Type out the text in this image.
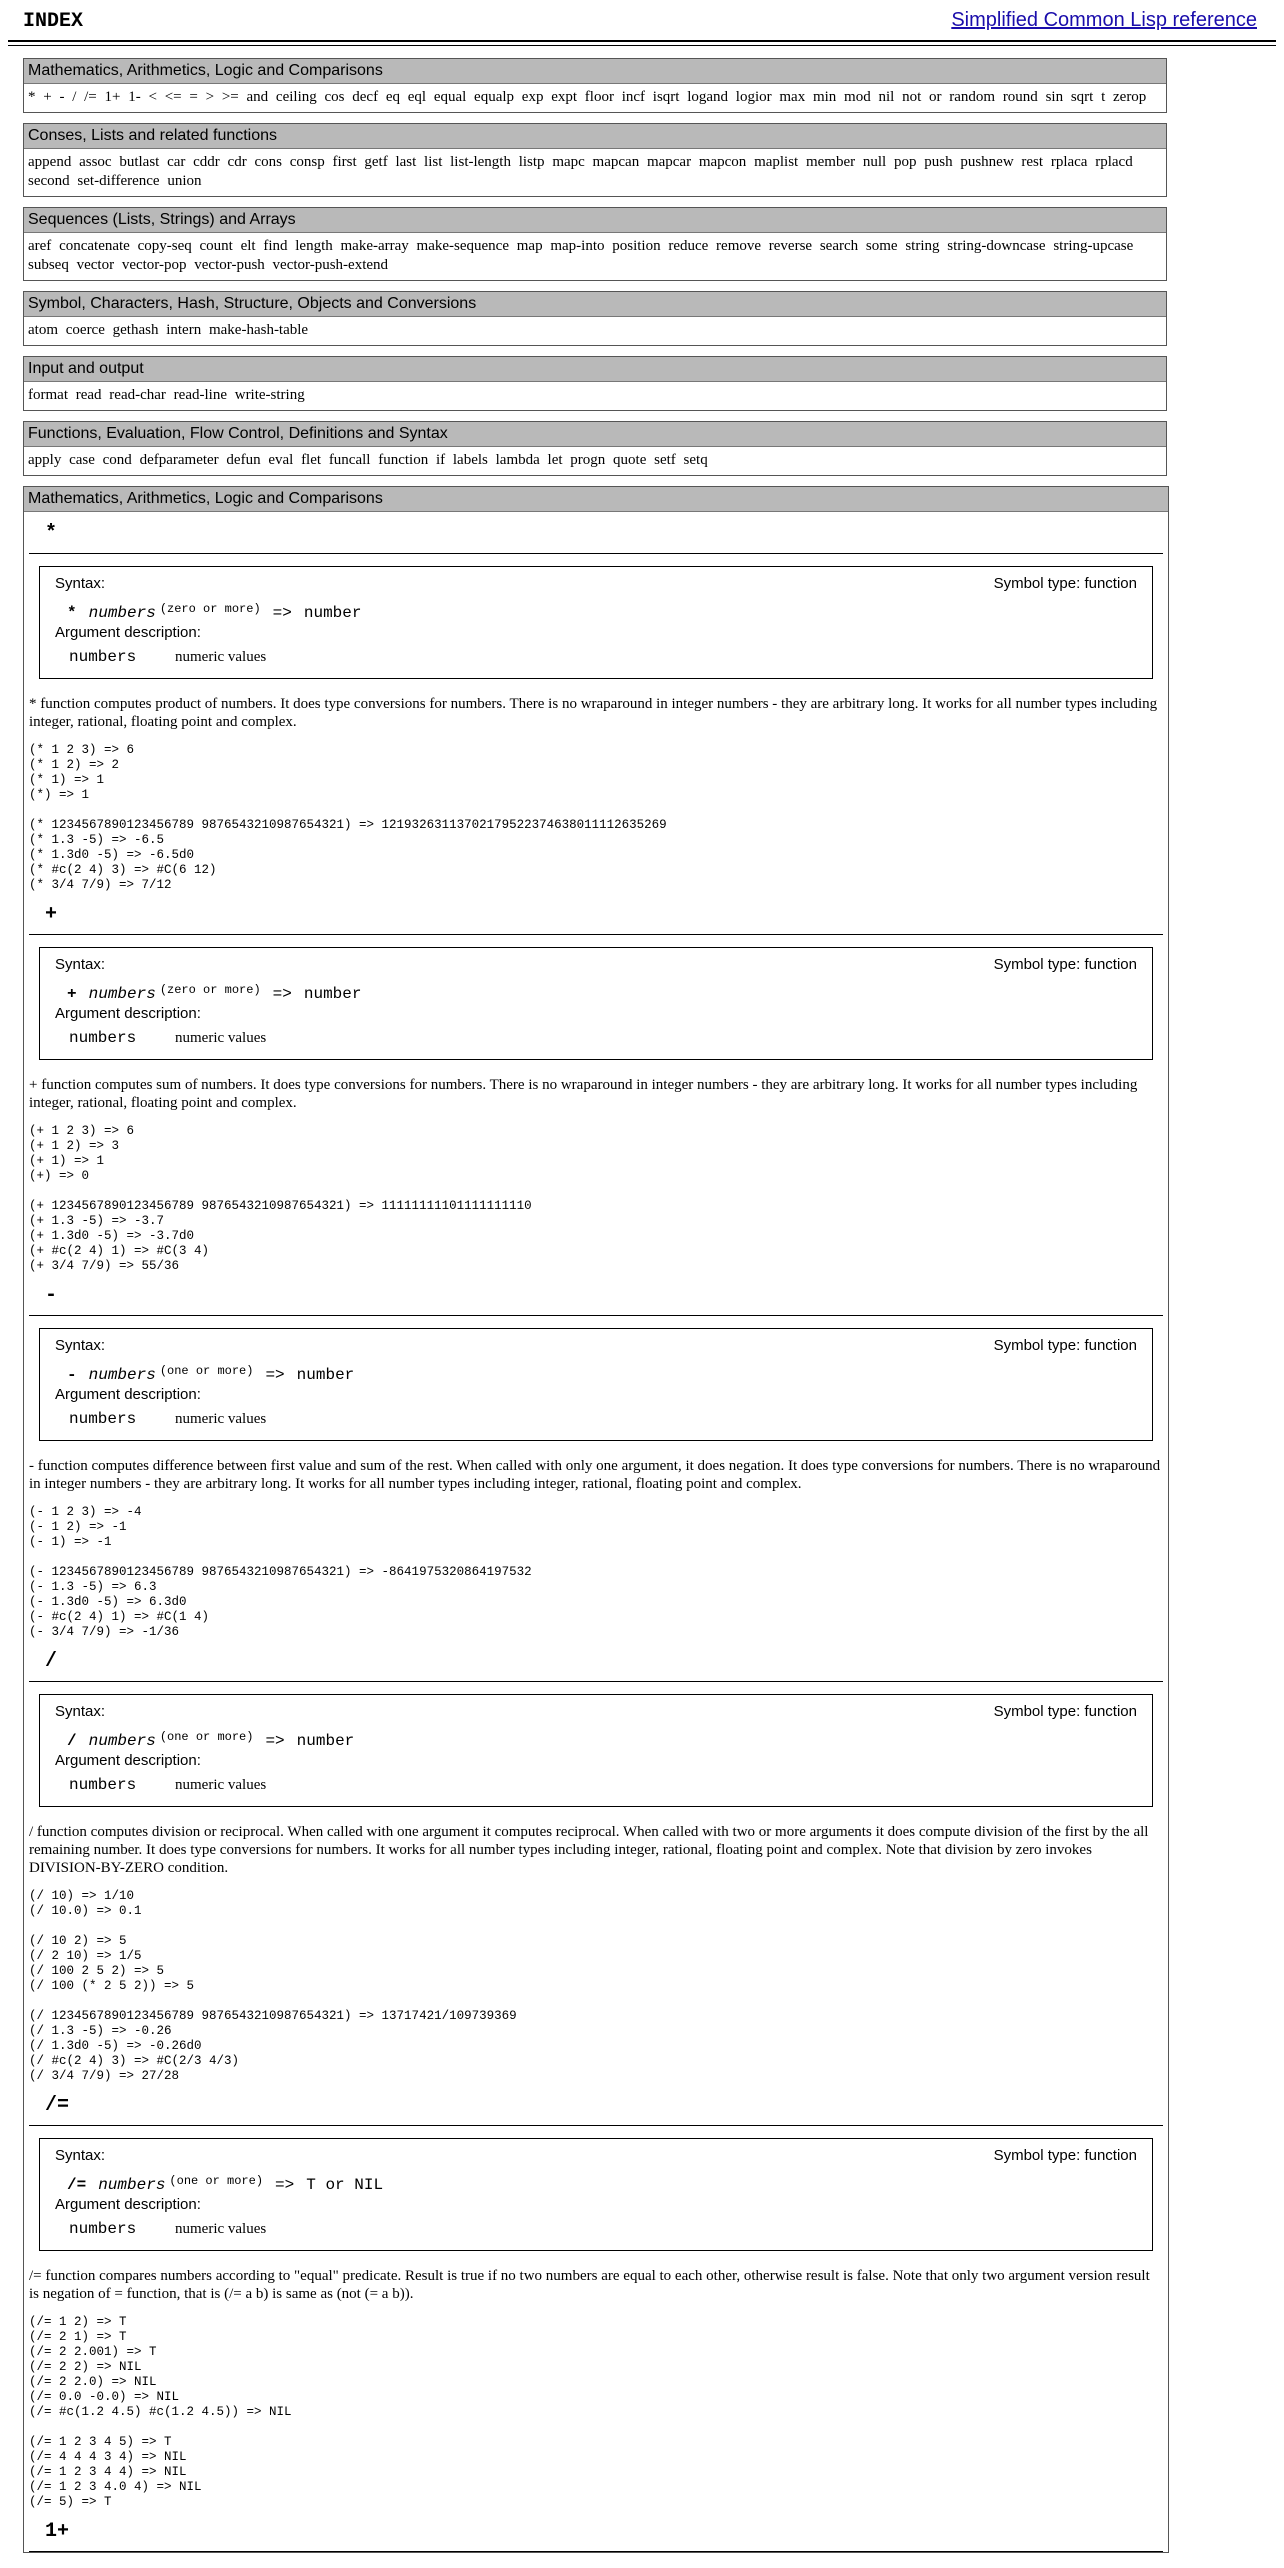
INDEX	Simplified Common Lisp reference
Mathematics, Arithmetics, Logic and Comparisons
* + - / /= 1+ 1- < <= = > >= and ceiling cos decf eq eql equal equalp exp expt floor incf isqrt logand logior max min mod nil not or random round sin sqrt t zerop
Conses, Lists and related functions
append assoc butlast car cddr cdr cons consp first getf last list list-length listp mapc mapcan mapcar mapcon maplist member null pop push pushnew rest rplaca rplacd second set-difference union
Sequences (Lists, Strings) and Arrays
aref concatenate copy-seq count elt find length make-array make-sequence map map-into position reduce remove reverse search some string string-downcase string-upcase subseq vector vector-pop vector-push vector-push-extend
Symbol, Characters, Hash, Structure, Objects and Conversions
atom coerce gethash intern make-hash-table
Input and output
format read read-char read-line write-string
Functions, Evaluation, Flow Control, Definitions and Syntax
apply case cond defparameter defun eval flet funcall function if labels lambda let progn quote setf setq
Mathematics, Arithmetics, Logic and Comparisons
*
Syntax:	Symbol type: function
* numbers $^{(zero or more)}$ => number
Argument description:
numbers	numeric values
* function computes product of numbers. It does type conversions for numbers. There is no wraparound in integer numbers - they are arbitrary long. It works for all number types including integer, rational, floating point and complex.
(* 1 2 3) => 6
(* 1 2) => 2
(* 1) => 1
(*) => 1
(* 1234567890123456789 9876543210987654321) => 12193263113702179522374638011112635269
(* 1.3 -5) => -6.5
(* 1.3d0 -5) => -6.5d0
(* #c(2 4) 3) => #C(6 12)
(* 3/4 7/9) => 7/12
+
Syntax:	Symbol type: function
+ numbers $^{(zero or more)}$ => number
Argument description:
numbers	numeric values
+ function computes sum of numbers. It does type conversions for numbers. There is no wraparound in integer numbers - they are arbitrary long. It works for all number types including integer, rational, floating point and complex.
(+ 1 2 3) => 6
(+ 1 2) => 3
(+ 1) => 1
(+) => 0
(+ 1234567890123456789 9876543210987654321) => 11111111101111111110
(+ 1.3 -5) => -3.7
(+ 1.3d0 -5) => -3.7d0
(+ #c(2 4) 1) => #C(3 4)
(+ 3/4 7/9) => 55/36
-
Syntax:	Symbol type: function
- numbers $^{(one or more)}$ => number
Argument description:
numbers	numeric values
- function computes difference between first value and sum of the rest. When called with only one argument, it does negation. It does type conversions for numbers. There is no wraparound in integer numbers - they are arbitrary long. It works for all number types including integer, rational, floating point and complex.
(- 1 2 3) => -4
(- 1 2) => -1
(- 1) => -1
(- 1234567890123456789 9876543210987654321) => -8641975320864197532
(- 1.3 -5) => 6.3
(- 1.3d0 -5) => 6.3d0
(- #c(2 4) 1) => #C(1 4)
(- 3/4 7/9) => -1/36
/
Syntax:	Symbol type: function
/ numbers $^{(one or more)}$ => number
Argument description:
numbers	numeric values
/ function computes division or reciprocal. When called with one argument it computes reciprocal. When called with two or more arguments it does compute division of the first by the all remaining number. It does type conversions for numbers. It works for all number types including integer, rational, floating point and complex. Note that division by zero invokes DIVISION-BY-ZERO condition.
(/ 10) => 1/10
(/ 10.0) => 0.1
(/ 10 2) => 5
(/ 2 10) => 1/5
(/ 100 2 5 2) => 5
(/ 100 (* 2 5 2)) => 5
(/ 1234567890123456789 9876543210987654321) => 13717421/109739369
(/ 1.3 -5) => -0.26
(/ 1.3d0 -5) => -0.26d0
(/ #c(2 4) 3) => #C(2/3 4/3)
(/ 3/4 7/9) => 27/28
/=
Syntax:	Symbol type: function
/= numbers $^{(one or more)}$ => T or NIL
Argument description:
numbers	numeric values
/= function compares numbers according to "equal" predicate. Result is true if no two numbers are equal to each other, otherwise result is false. Note that only two argument version result is negation of = function, that is (/= a b) is same as (not (= a b)).
(/= 1 2) => T
(/= 2 1) => T
(/= 2 2.001) => T
(/= 2 2) => NIL
(/= 2 2.0) => NIL
(/= 0.0 -0.0) => NIL
(/= #c(1.2 4.5) #c(1.2 4.5)) => NIL
(/= 1 2 3 4 5) => T
(/= 4 4 4 3 4) => NIL
(/= 1 2 3 4 4) => NIL
(/= 1 2 3 4.0 4) => NIL
(/= 5) => T
1+
